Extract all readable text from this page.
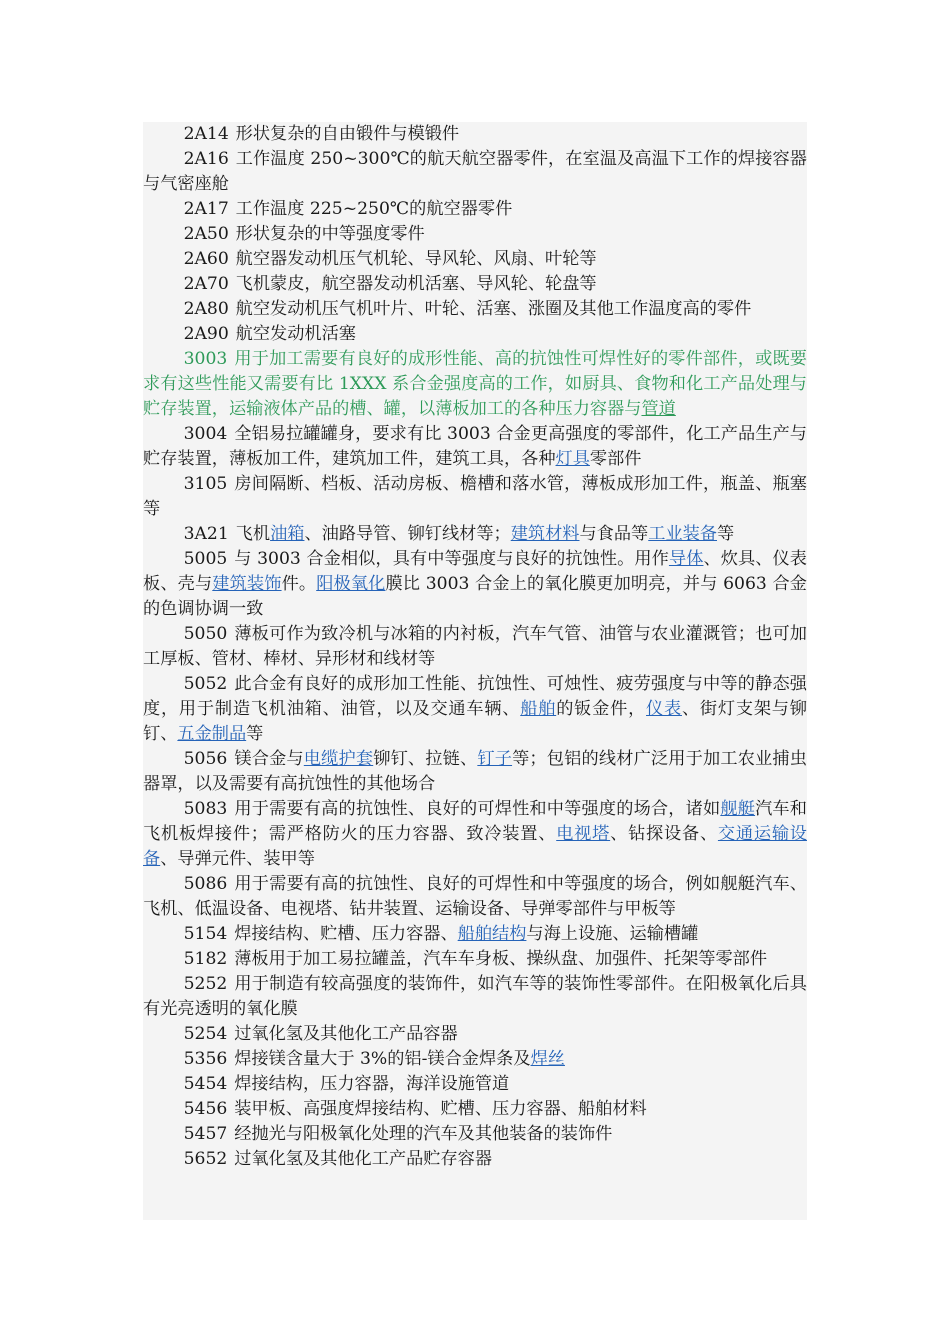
2A14 形状复杂的自由锻件与模锻件

2A16 工作温度 250~300℃的航天航空器零件，在室温及高温下工作的焊接容器与气密座舱

2A17 工作温度 225~250℃的航空器零件

2A50 形状复杂的中等强度零件

2A60 航空器发动机压气机轮、导风轮、风扇、叶轮等

2A70 飞机蒙皮，航空器发动机活塞、导风轮、轮盘等

2A80 航空发动机压气机叶片、叶轮、活塞、涨圈及其他工作温度高的零件

2A90 航空发动机活塞

3003 用于加工需要有良好的成形性能、高的抗蚀性可焊性好的零件部件，或既要求有这些性能又需要有比 1XXX 系合金强度高的工作，如厨具、食物和化工产品处理与贮存装置，运输液体产品的槽、罐，以薄板加工的各种压力容器与管道

3004 全铝易拉罐罐身，要求有比 3003 合金更高强度的零部件，化工产品生产与贮存装置，薄板加工件，建筑加工件，建筑工具，各种灯具零部件

3105 房间隔断、档板、活动房板、檐槽和落水管，薄板成形加工件，瓶盖、瓶塞等

3A21 飞机油箱、油路导管、铆钉线材等；建筑材料与食品等工业装备等

5005 与 3003 合金相似，具有中等强度与良好的抗蚀性。用作导体、炊具、仪表板、壳与建筑装饰件。阳极氧化膜比 3003 合金上的氧化膜更加明亮，并与 6063 合金的色调协调一致

5050 薄板可作为致冷机与冰箱的内衬板，汽车气管、油管与农业灌溉管；也可加工厚板、管材、棒材、异形材和线材等

5052 此合金有良好的成形加工性能、抗蚀性、可烛性、疲劳强度与中等的静态强度，用于制造飞机油箱、油管，以及交通车辆、船舶的钣金件，仪表、街灯支架与铆钉、五金制品等

5056 镁合金与电缆护套铆钉、拉链、钉子等；包铝的线材广泛用于加工农业捕虫器罩，以及需要有高抗蚀性的其他场合

5083 用于需要有高的抗蚀性、良好的可焊性和中等强度的场合，诸如舰艇汽车和飞机板焊接件；需严格防火的压力容器、致冷装置、电视塔、钻探设备、交通运输设备、导弹元件、装甲等

5086 用于需要有高的抗蚀性、良好的可焊性和中等强度的场合，例如舰艇汽车、飞机、低温设备、电视塔、钻井装置、运输设备、导弹零部件与甲板等

5154 焊接结构、贮槽、压力容器、船舶结构与海上设施、运输槽罐

5182 薄板用于加工易拉罐盖，汽车车身板、操纵盘、加强件、托架等零部件

5252 用于制造有较高强度的装饰件，如汽车等的装饰性零部件。在阳极氧化后具有光亮透明的氧化膜

5254 过氧化氢及其他化工产品容器

5356 焊接镁含量大于 3%的铝-镁合金焊条及焊丝

5454 焊接结构，压力容器，海洋设施管道

5456 装甲板、高强度焊接结构、贮槽、压力容器、船舶材料

5457 经抛光与阳极氧化处理的汽车及其他装备的装饰件

5652 过氧化氢及其他化工产品贮存容器
